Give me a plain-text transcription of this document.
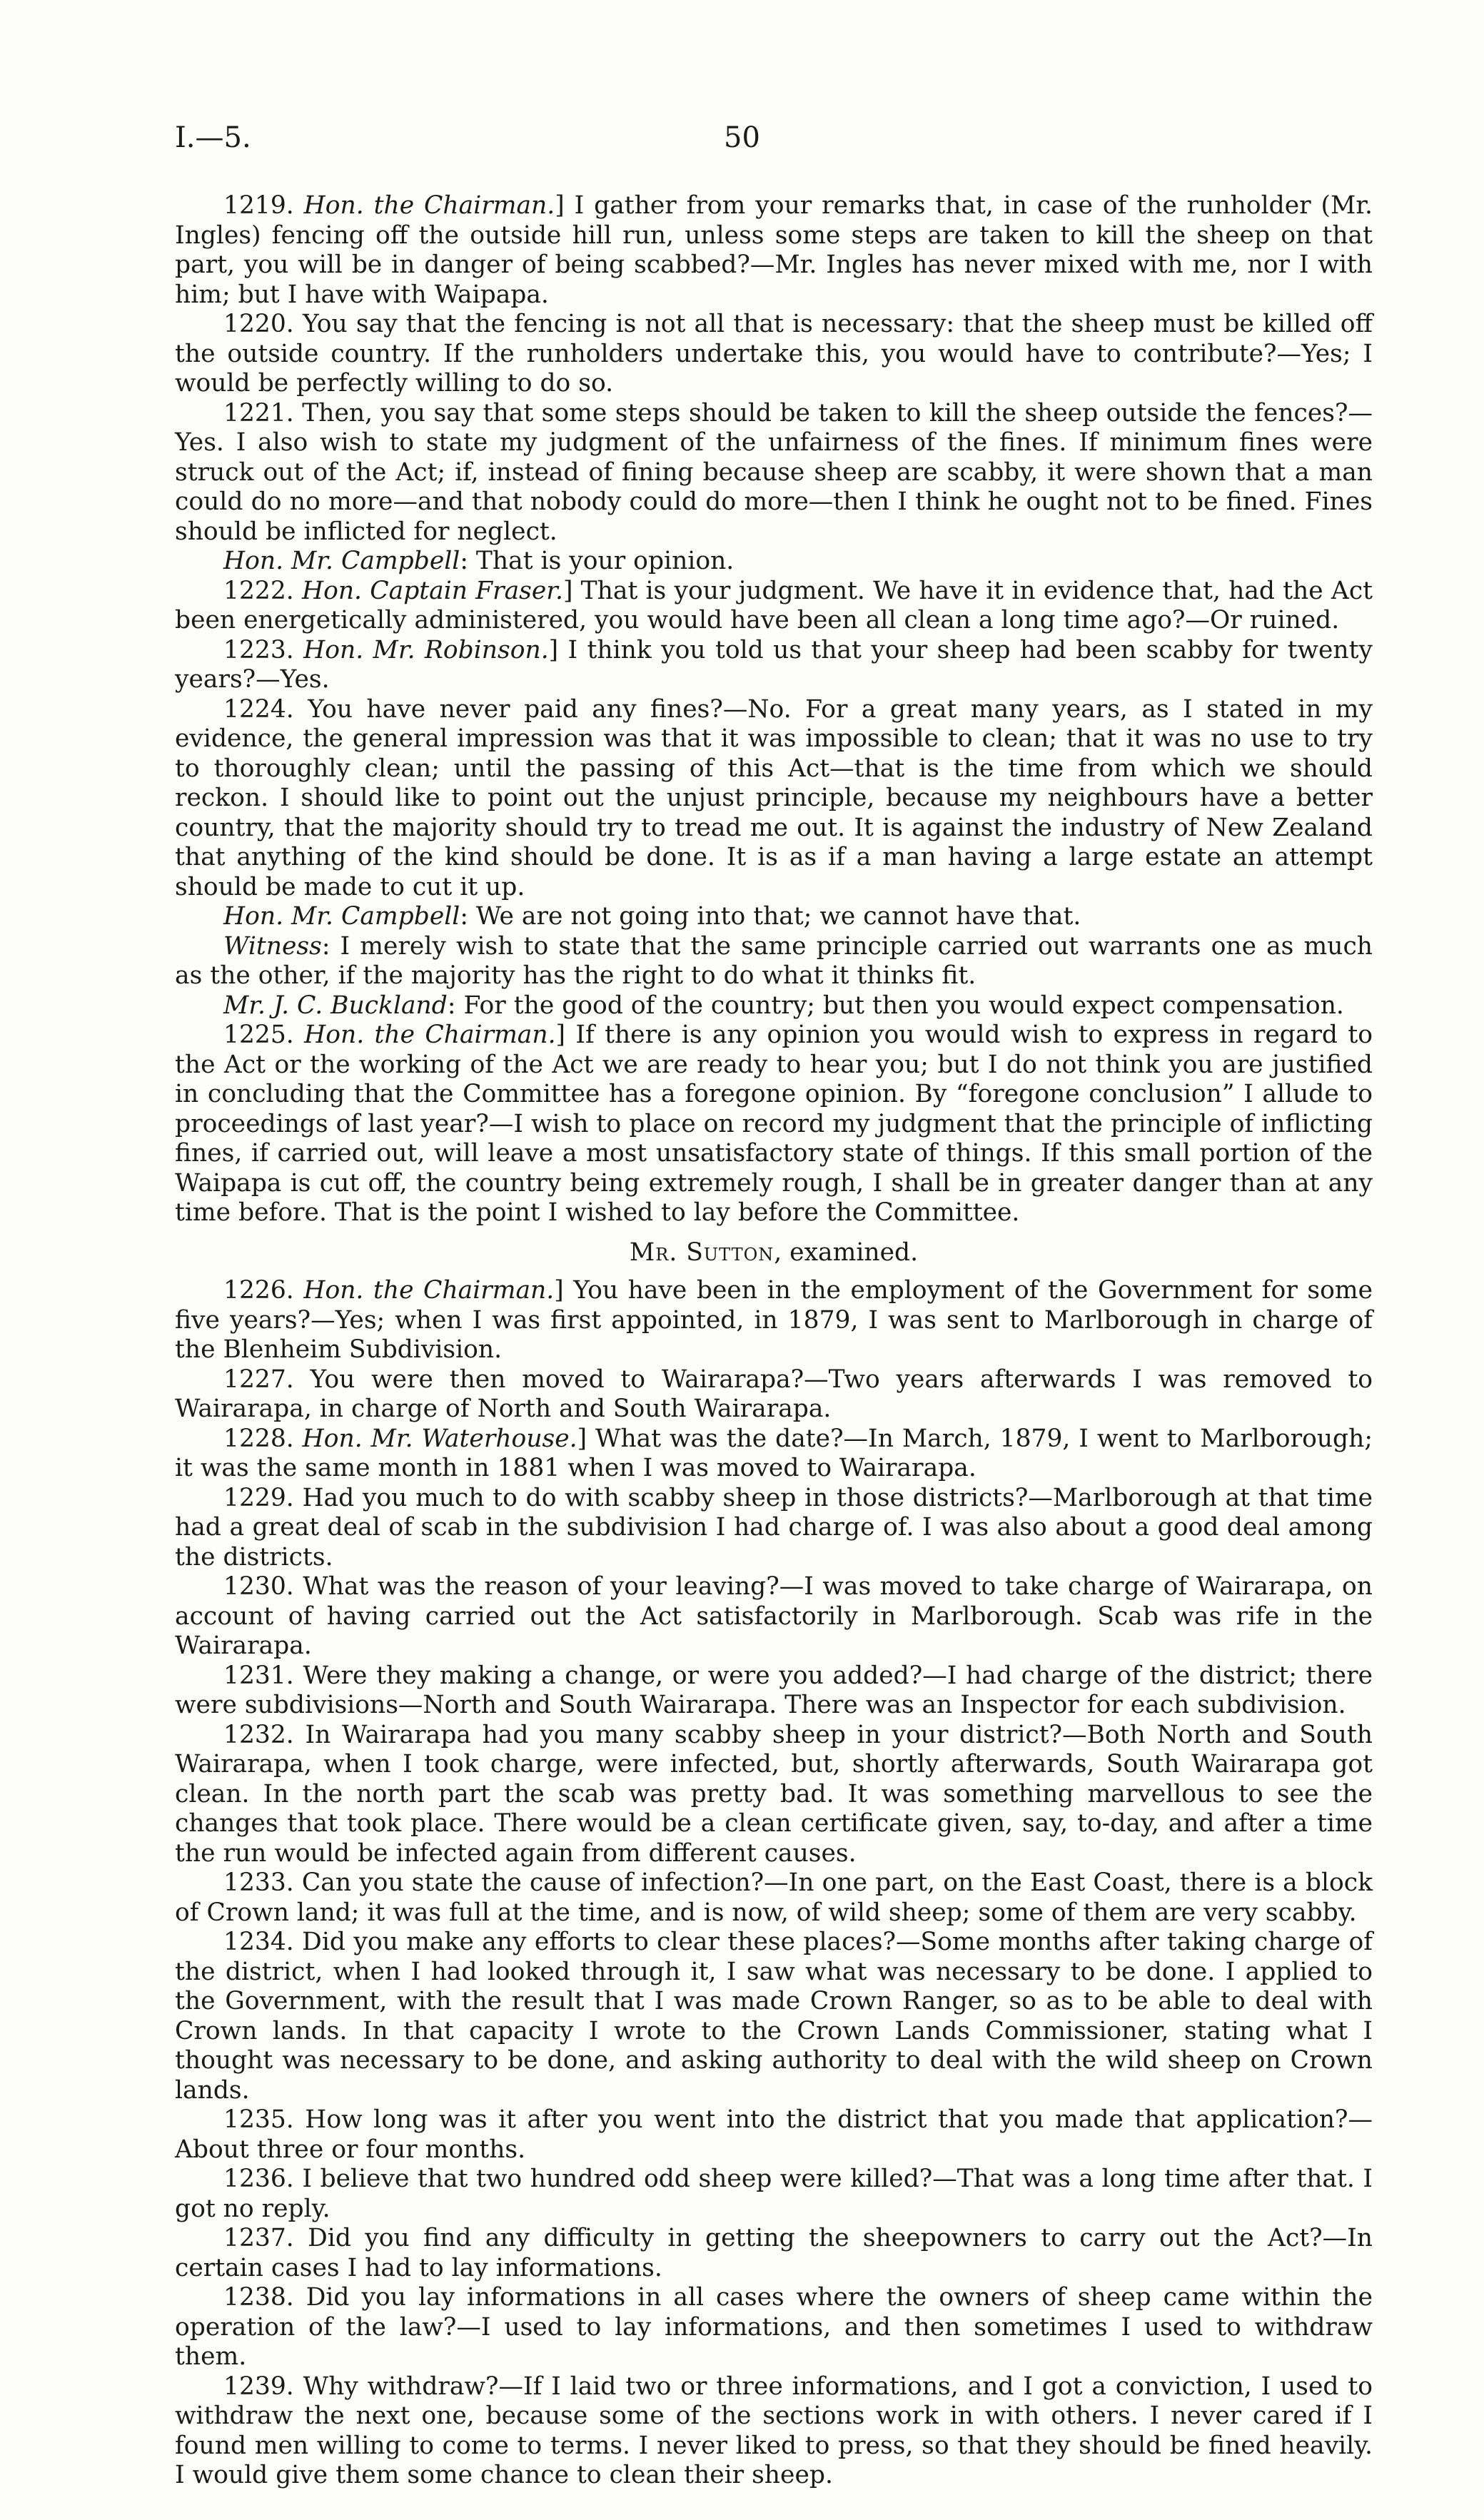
I.—5.	50

1219. Hon. the Chairman.] I gather from your remarks that, in case of the runholder (Mr. Ingles) fencing off the outside hill run, unless some steps are taken to kill the sheep on that part, you will be in danger of being scabbed?—Mr. Ingles has never mixed with me, nor I with him; but I have with Waipapa.

1220. You say that the fencing is not all that is necessary: that the sheep must be killed off the outside country. If the runholders undertake this, you would have to contribute?—Yes; I would be perfectly willing to do so.

1221. Then, you say that some steps should be taken to kill the sheep outside the fences?—Yes. I also wish to state my judgment of the unfairness of the fines. If minimum fines were struck out of the Act; if, instead of fining because sheep are scabby, it were shown that a man could do no more—and that nobody could do more—then I think he ought not to be fined. Fines should be inflicted for neglect.

Hon. Mr. Campbell: That is your opinion.

1222. Hon. Captain Fraser.] That is your judgment. We have it in evidence that, had the Act been energetically administered, you would have been all clean a long time ago?—Or ruined.

1223. Hon. Mr. Robinson.] I think you told us that your sheep had been scabby for twenty years?—Yes.

1224. You have never paid any fines?—No. For a great many years, as I stated in my evidence, the general impression was that it was impossible to clean; that it was no use to try to thoroughly clean; until the passing of this Act—that is the time from which we should reckon. I should like to point out the unjust principle, because my neighbours have a better country, that the majority should try to tread me out. It is against the industry of New Zealand that anything of the kind should be done. It is as if a man having a large estate an attempt should be made to cut it up.

Hon. Mr. Campbell: We are not going into that; we cannot have that.

Witness: I merely wish to state that the same principle carried out warrants one as much as the other, if the majority has the right to do what it thinks fit.

Mr. J. C. Buckland: For the good of the country; but then you would expect compensation.

1225. Hon. the Chairman.] If there is any opinion you would wish to express in regard to the Act or the working of the Act we are ready to hear you; but I do not think you are justified in concluding that the Committee has a foregone opinion. By “foregone conclusion” I allude to proceedings of last year?—I wish to place on record my judgment that the principle of inflicting fines, if carried out, will leave a most unsatisfactory state of things. If this small portion of the Waipapa is cut off, the country being extremely rough, I shall be in greater danger than at any time before. That is the point I wished to lay before the Committee.

Mr. Sutton, examined.

1226. Hon. the Chairman.] You have been in the employment of the Government for some five years?—Yes; when I was first appointed, in 1879, I was sent to Marlborough in charge of the Blenheim Subdivision.

1227. You were then moved to Wairarapa?—Two years afterwards I was removed to Wairarapa, in charge of North and South Wairarapa.

1228. Hon. Mr. Waterhouse.] What was the date?—In March, 1879, I went to Marlborough; it was the same month in 1881 when I was moved to Wairarapa.

1229. Had you much to do with scabby sheep in those districts?—Marlborough at that time had a great deal of scab in the subdivision I had charge of. I was also about a good deal among the districts.

1230. What was the reason of your leaving?—I was moved to take charge of Wairarapa, on account of having carried out the Act satisfactorily in Marlborough. Scab was rife in the Wairarapa.

1231. Were they making a change, or were you added?—I had charge of the district; there were subdivisions—North and South Wairarapa. There was an Inspector for each subdivision.

1232. In Wairarapa had you many scabby sheep in your district?—Both North and South Wairarapa, when I took charge, were infected, but, shortly afterwards, South Wairarapa got clean. In the north part the scab was pretty bad. It was something marvellous to see the changes that took place. There would be a clean certificate given, say, to-day, and after a time the run would be infected again from different causes.

1233. Can you state the cause of infection?—In one part, on the East Coast, there is a block of Crown land; it was full at the time, and is now, of wild sheep; some of them are very scabby.

1234. Did you make any efforts to clear these places?—Some months after taking charge of the district, when I had looked through it, I saw what was necessary to be done. I applied to the Government, with the result that I was made Crown Ranger, so as to be able to deal with Crown lands. In that capacity I wrote to the Crown Lands Commissioner, stating what I thought was necessary to be done, and asking authority to deal with the wild sheep on Crown lands.

1235. How long was it after you went into the district that you made that application?—About three or four months.

1236. I believe that two hundred odd sheep were killed?—That was a long time after that. I got no reply.

1237. Did you find any difficulty in getting the sheepowners to carry out the Act?—In certain cases I had to lay informations.

1238. Did you lay informations in all cases where the owners of sheep came within the operation of the law?—I used to lay informations, and then sometimes I used to withdraw them.

1239. Why withdraw?—If I laid two or three informations, and I got a conviction, I used to withdraw the next one, because some of the sections work in with others. I never cared if I found men willing to come to terms. I never liked to press, so that they should be fined heavily. I would give them some chance to clean their sheep.
